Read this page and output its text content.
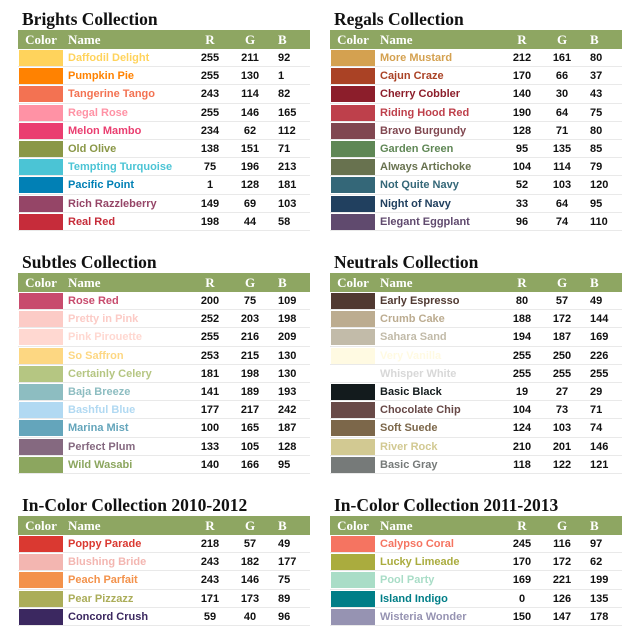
Brights Collection
Color Name	R	G	B
Daffodil Delight	255	211	92
Pumpkin Pie	255	130	1
Tangerine Tango	243	114	82
Regal Rose	255	146	165
Melon Mambo	234	62	112
Old Olive	138	151	71
Tempting Turquoise	75	196	213
Pacific Point	1	128	181
Rich Razzleberry	149	69	103
Real Red	198	44	58
Regals Collection
Color Name	R	G	B
More Mustard	212	161	80
Cajun Craze	170	66	37
Cherry Cobbler	140	30	43
Riding Hood Red	190	64	75
Bravo Burgundy	128	71	80
Garden Green	95	135	85
Always Artichoke	104	114	79
Not Quite Navy	52	103	120
Night of Navy	33	64	95
Elegant Eggplant	96	74	110
Subtles Collection
Color Name	R	G	B
Rose Red	200	75	109
Pretty in Pink	252	203	198
Pink Pirouette	255	216	209
So Saffron	253	215	130
Certainly Celery	181	198	130
Baja Breeze	141	189	193
Bashful Blue	177	217	242
Marina Mist	100	165	187
Perfect Plum	133	105	128
Wild Wasabi	140	166	95
Neutrals Collection
Color Name	R	G	B
Early Espresso	80	57	49
Crumb Cake	188	172	144
Sahara Sand	194	187	169
Very Vanilla	255	250	226
Whisper White	255	255	255
Basic Black	19	27	29
Chocolate Chip	104	73	71
Soft Suede	124	103	74
River Rock	210	201	146
Basic Gray	118	122	121
In-Color Collection 2010-2012
Color Name	R	G	B
Poppy Parade	218	57	49
Blushing Bride	243	182	177
Peach Parfait	243	146	75
Pear Pizzazz	171	173	89
Concord Crush	59	40	96
In-Color Collection 2011-2013
Color Name	R	G	B
Calypso Coral	245	116	97
Lucky Limeade	170	172	62
Pool Party	169	221	199
Island Indigo	0	126	135
Wisteria Wonder	150	147	178
